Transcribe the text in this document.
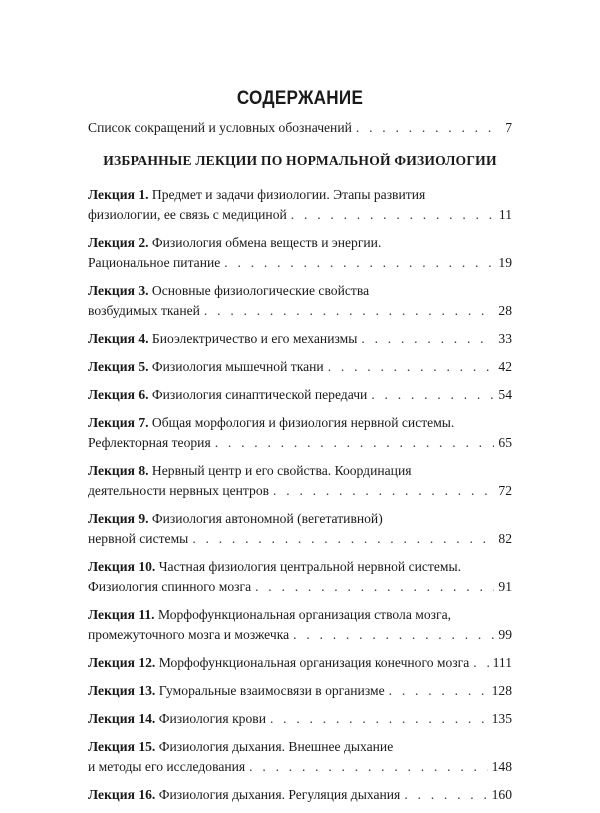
СОДЕРЖАНИЕ
Список сокращений и условных обозначений . . .	7
ИЗБРАННЫЕ ЛЕКЦИИ ПО НОРМАЛЬНОЙ ФИЗИОЛОГИИ
Лекция 1. Предмет и задачи физиологии. Этапы развития
физиологии, ее связь с медициной . . .	11
Лекция 2. Физиология обмена веществ и энергии.
Рациональное питание . . .	19
Лекция 3. Основные физиологические свойства
возбудимых тканей . . .	28
Лекция 4. Биоэлектричество и его механизмы . . .	33
Лекция 5. Физиология мышечной ткани . . .	42
Лекция 6. Физиология синаптической передачи . . .	54
Лекция 7. Общая морфология и физиология нервной системы.
Рефлекторная теория . . .	65
Лекция 8. Нервный центр и его свойства. Координация
деятельности нервных центров . . .	72
Лекция 9. Физиология автономной (вегетативной)
нервной системы . . .	82
Лекция 10. Частная физиология центральной нервной системы.
Физиология спинного мозга . . .	91
Лекция 11. Морфофункциональная организация ствола мозга,
промежуточного мозга и мозжечка . . .	99
Лекция 12. Морфофункциональная организация конечного мозга . . . 111
Лекция 13. Гуморальные взаимосвязи в организме . . .	128
Лекция 14. Физиология крови . . .	135
Лекция 15. Физиология дыхания. Внешнее дыхание
и методы его исследования . . .	148
Лекция 16. Физиология дыхания. Регуляция дыхания . . .	160
